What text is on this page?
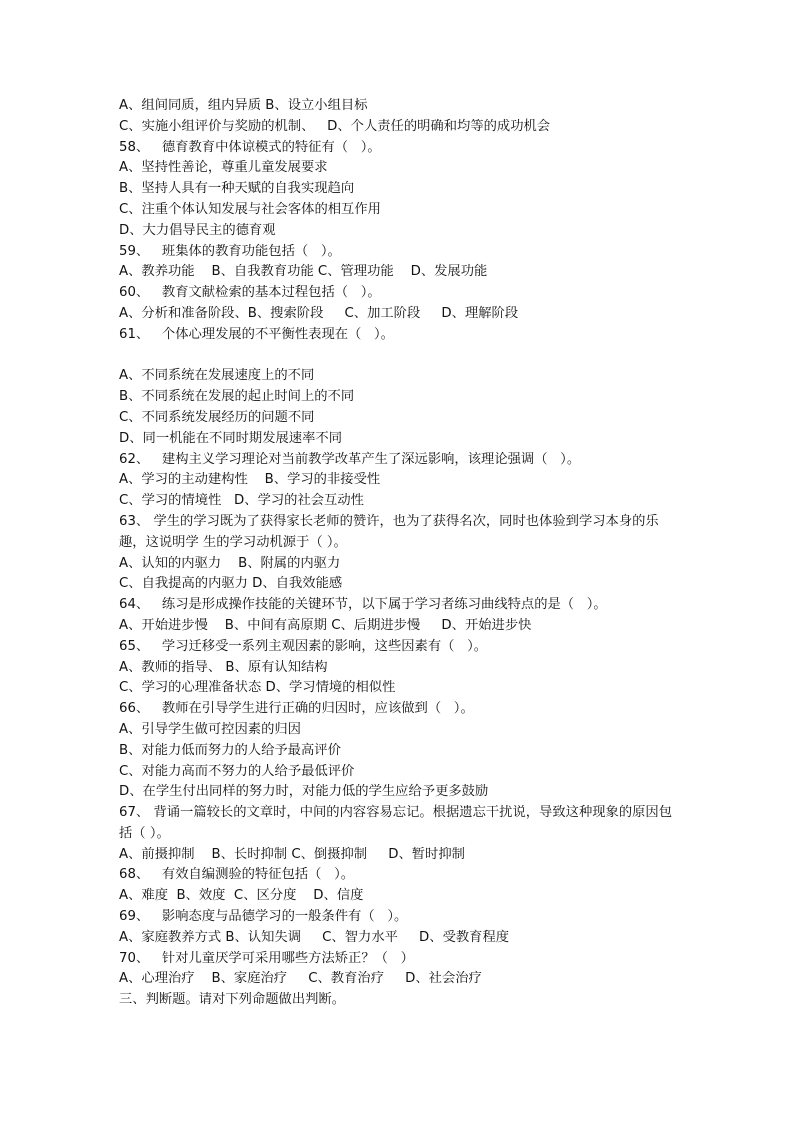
A、组间同质，组内异质 B、设立小组目标
C、实施小组评价与奖励的机制、   D、个人责任的明确和均等的成功机会
58、   德育教育中体谅模式的特征有（   ）。
A、坚持性善论，尊重儿童发展要求
B、坚持人具有一种天赋的自我实现趋向
C、注重个体认知发展与社会客体的相互作用
D、大力倡导民主的德育观
59、   班集体的教育功能包括（   ）。
A、教养功能    B、自我教育功能 C、管理功能    D、发展功能
60、   教育文献检索的基本过程包括（   ）。
A、分析和准备阶段、B、搜索阶段     C、加工阶段     D、理解阶段
61、   个体心理发展的不平衡性表现在（   ）。
A、不同系统在发展速度上的不同
B、不同系统在发展的起止时间上的不同
C、不同系统发展经历的问题不同
D、同一机能在不同时期发展速率不同
62、   建构主义学习理论对当前教学改革产生了深远影响，该理论强调（   ）。
A、学习的主动建构性    B、学习的非接受性
C、学习的情境性   D、学习的社会互动性
63、 学生的学习既为了获得家长老师的赞许，也为了获得名次，同时也体验到学习本身的乐趣，这说明学 生的学习动机源于（ ）。
A、认知的内驱力    B、附属的内驱力
C、自我提高的内驱力 D、自我效能感
64、   练习是形成操作技能的关键环节，以下属于学习者练习曲线特点的是（   ）。
A、开始进步慢    B、中间有高原期 C、后期进步慢     D、开始进步快
65、   学习迁移受一系列主观因素的影响，这些因素有（   ）。
A、教师的指导、 B、原有认知结构
C、学习的心理准备状态 D、学习情境的相似性
66、   教师在引导学生进行正确的归因时，应该做到（   ）。
A、引导学生做可控因素的归因
B、对能力低而努力的人给予最高评价
C、对能力高而不努力的人给予最低评价
D、在学生付出同样的努力时，对能力低的学生应给予更多鼓励
67、 背诵一篇较长的文章时，中间的内容容易忘记。根据遗忘干扰说，导致这种现象的原因包括（ ）。
A、前摄抑制    B、长时抑制 C、倒摄抑制     D、暂时抑制
68、   有效自编测验的特征包括（   ）。
A、难度  B、效度  C、区分度    D、信度
69、   影响态度与品德学习的一般条件有（   ）。
A、家庭教养方式 B、认知失调     C、智力水平     D、受教育程度
70、   针对儿童厌学可采用哪些方法矫正？（   ）
A、心理治疗    B、家庭治疗     C、教育治疗     D、社会治疗
三、判断题。请对下列命题做出判断。
